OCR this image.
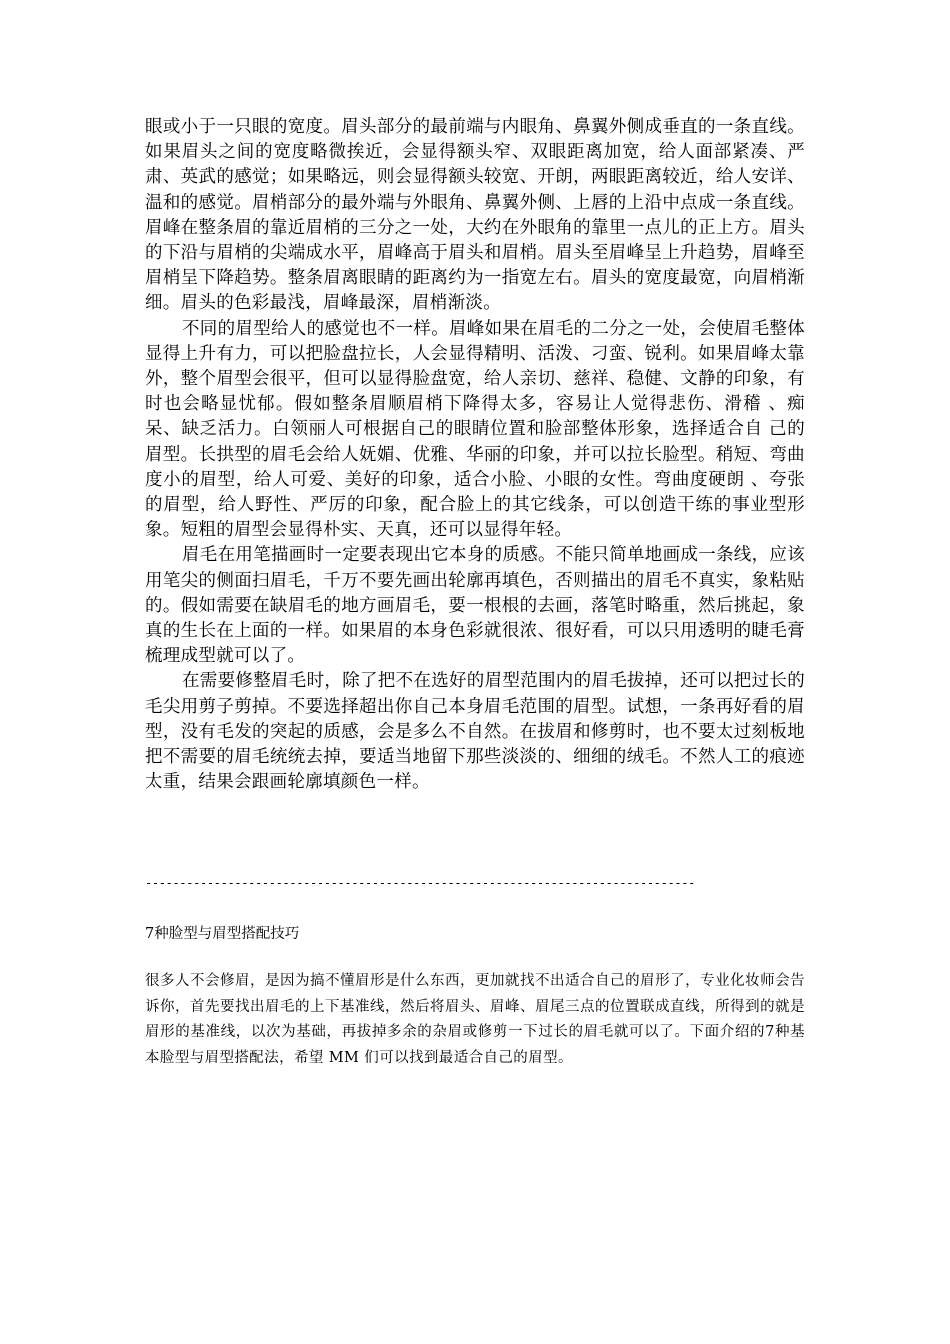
眼或小于一只眼的宽度。眉头部分的最前端与内眼角、鼻翼外侧成垂直的一条直线。如果眉头之间的宽度略微挨近，会显得额头窄、双眼距离加宽，给人面部紧凑、严肃、英武的感觉；如果略远，则会显得额头较宽、开朗，两眼距离较近，给人安详、温和的感觉。眉梢部分的最外端与外眼角、鼻翼外侧、上唇的上沿中点成一条直线。眉峰在整条眉的靠近眉梢的三分之一处，大约在外眼角的靠里一点儿的正上方。眉头的下沿与眉梢的尖端成水平，眉峰高于眉头和眉梢。眉头至眉峰呈上升趋势，眉峰至眉梢呈下降趋势。整条眉离眼睛的距离约为一指宽左右。眉头的宽度最宽，向眉梢渐细。眉头的色彩最浅，眉峰最深，眉梢渐淡。

不同的眉型给人的感觉也不一样。眉峰如果在眉毛的二分之一处，会使眉毛整体显得上升有力，可以把脸盘拉长，人会显得精明、活泼、刁蛮、锐利。如果眉峰太靠外，整个眉型会很平，但可以显得脸盘宽，给人亲切、慈祥、稳健、文静的印象，有时也会略显忧郁。假如整条眉顺眉梢下降得太多，容易让人觉得悲伤、滑稽 、痴呆、缺乏活力。白领丽人可根据自己的眼睛位置和脸部整体形象，选择适合自 己的眉型。长拱型的眉毛会给人妩媚、优雅、华丽的印象，并可以拉长脸型。稍短、弯曲度小的眉型，给人可爱、美好的印象，适合小脸、小眼的女性。弯曲度硬朗 、夸张的眉型，给人野性、严厉的印象，配合脸上的其它线条，可以创造干练的事业型形象。短粗的眉型会显得朴实、天真，还可以显得年轻。

眉毛在用笔描画时一定要表现出它本身的质感。不能只简单地画成一条线，应该用笔尖的侧面扫眉毛，千万不要先画出轮廓再填色，否则描出的眉毛不真实，象粘贴的。假如需要在缺眉毛的地方画眉毛，要一根根的去画，落笔时略重，然后挑起，象真的生长在上面的一样。如果眉的本身色彩就很浓、很好看，可以只用透明的睫毛膏梳理成型就可以了。

在需要修整眉毛时，除了把不在选好的眉型范围内的眉毛拔掉，还可以把过长的毛尖用剪子剪掉。不要选择超出你自己本身眉毛范围的眉型。试想，一条再好看的眉型，没有毛发的突起的质感，会是多么不自然。在拔眉和修剪时，也不要太过刻板地把不需要的眉毛统统去掉，要适当地留下那些淡淡的、细细的绒毛。不然人工的痕迹太重，结果会跟画轮廓填颜色一样。

--------------------------------------------------------------------------------
7种脸型与眉型搭配技巧

很多人不会修眉，是因为搞不懂眉形是什么东西，更加就找不出适合自己的眉形了，专业化妆师会告诉你，首先要找出眉毛的上下基准线，然后将眉头、眉峰、眉尾三点的位置联成直线，所得到的就是眉形的基准线，以次为基础，再拔掉多余的杂眉或修剪一下过长的眉毛就可以了。下面介绍的7种基本脸型与眉型搭配法，希望 MM 们可以找到最适合自己的眉型。
